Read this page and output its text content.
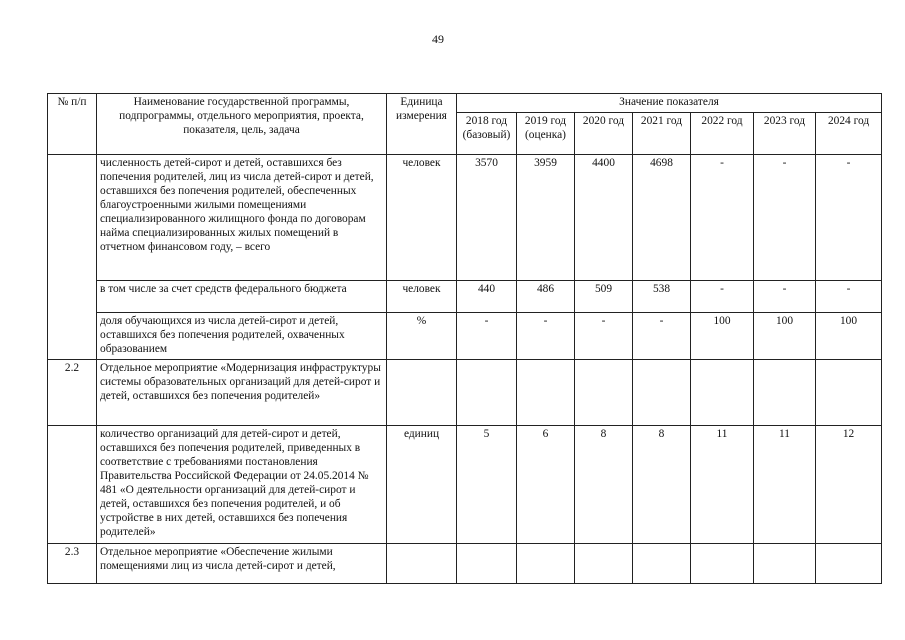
49
№ п/п	Наименование государственной программы, подпрограммы, отдельного мероприятия, проекта, показателя, цель, задача	Единица измерения	Значение показателя						
			2018 год (базовый)	2019 год (оценка)	2020 год	2021 год	2022 год	2023 год	2024 год
	численность детей-сирот и детей, оставшихся без попечения родителей, лиц из числа детей-сирот и детей, оставшихся без попечения родителей, обеспеченных благоустроенными жилыми помещениями специализированного жилищного фонда по договорам найма специализированных жилых помещений в отчетном финансовом году, – всего	человек	3570	3959	4400	4698	-	-	-
	в том числе за счет средств федерального бюджета	человек	440	486	509	538	-	-	-
	доля обучающихся из числа детей-сирот и детей, оставшихся без попечения родителей, охваченных образованием	%	-	-	-	-	100	100	100
2.2	Отдельное мероприятие «Модернизация инфраструктуры системы образовательных организаций для детей-сирот и детей, оставшихся без попечения родителей»								
	количество организаций для детей-сирот и детей, оставшихся без попечения родителей, приведенных в соответствие с требованиями постановления Правительства Российской Федерации от 24.05.2014 № 481 «О деятельности организаций для детей-сирот и детей, оставшихся без попечения родителей, и об устройстве в них детей, оставшихся без попечения родителей»	единиц	5	6	8	8	11	11	12
2.3	Отдельное мероприятие «Обеспечение жилыми помещениями лиц из числа детей-сирот и детей,								
